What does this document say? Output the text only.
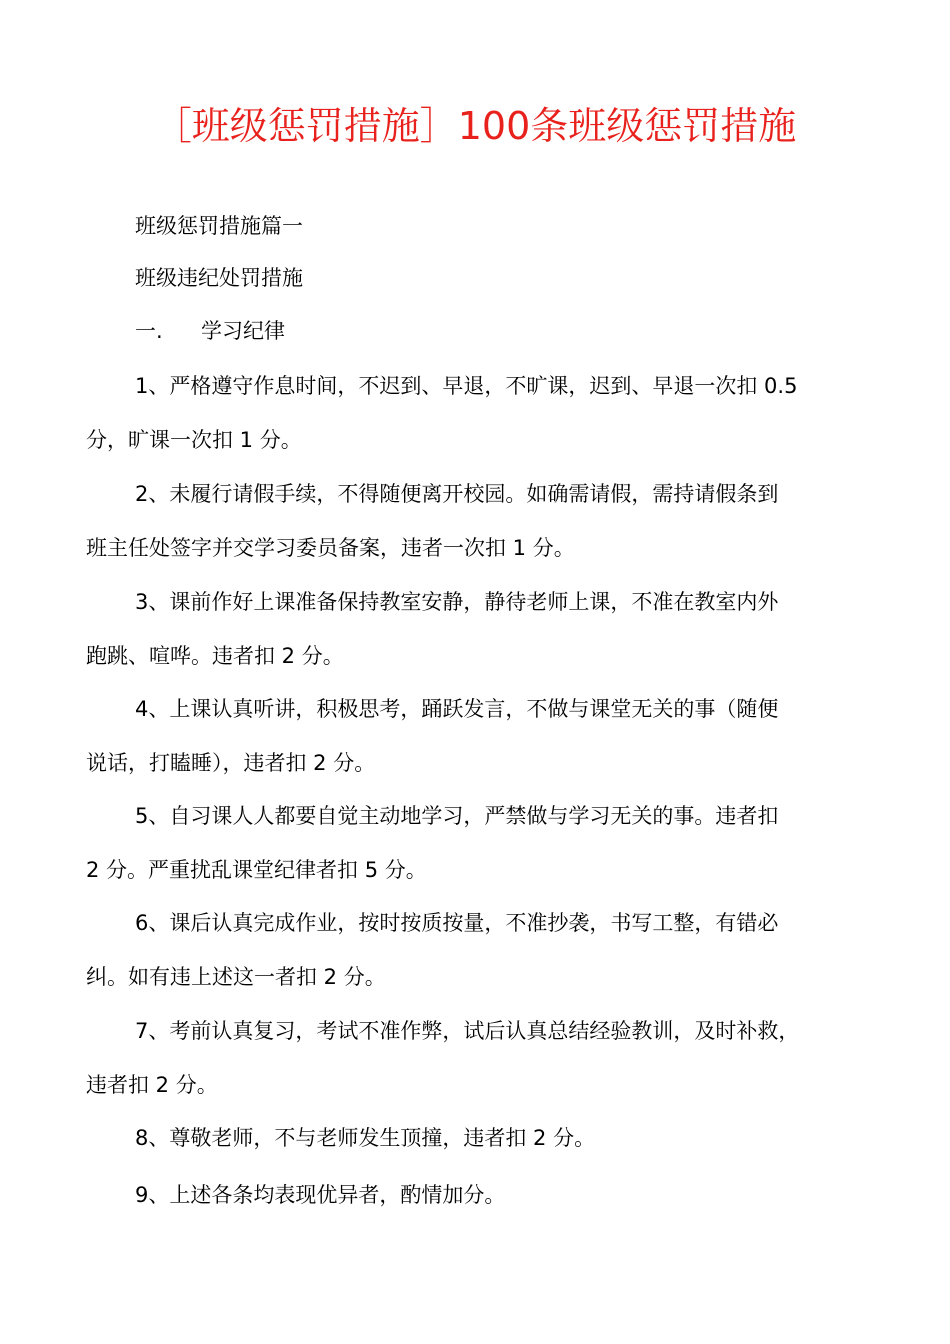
［班级惩罚措施］100条班级惩罚措施
班级惩罚措施篇一
班级违纪处罚措施
一. 学习纪律
1、严格遵守作息时间，不迟到、早退，不旷课，迟到、早退一次扣 0.5
分，旷课一次扣 1 分。
2、未履行请假手续，不得随便离开校园。如确需请假，需持请假条到
班主任处签字并交学习委员备案，违者一次扣 1 分。
3、课前作好上课准备保持教室安静，静待老师上课，不准在教室内外
跑跳、喧哗。违者扣 2 分。
4、上课认真听讲，积极思考，踊跃发言，不做与课堂无关的事（随便
说话，打瞌睡），违者扣 2 分。
5、自习课人人都要自觉主动地学习，严禁做与学习无关的事。违者扣
2 分。严重扰乱课堂纪律者扣 5 分。
6、课后认真完成作业，按时按质按量，不准抄袭，书写工整，有错必
纠。如有违上述这一者扣 2 分。
7、考前认真复习，考试不准作弊，试后认真总结经验教训，及时补救，
违者扣 2 分。
8、尊敬老师，不与老师发生顶撞，违者扣 2 分。
9、上述各条均表现优异者，酌情加分。
